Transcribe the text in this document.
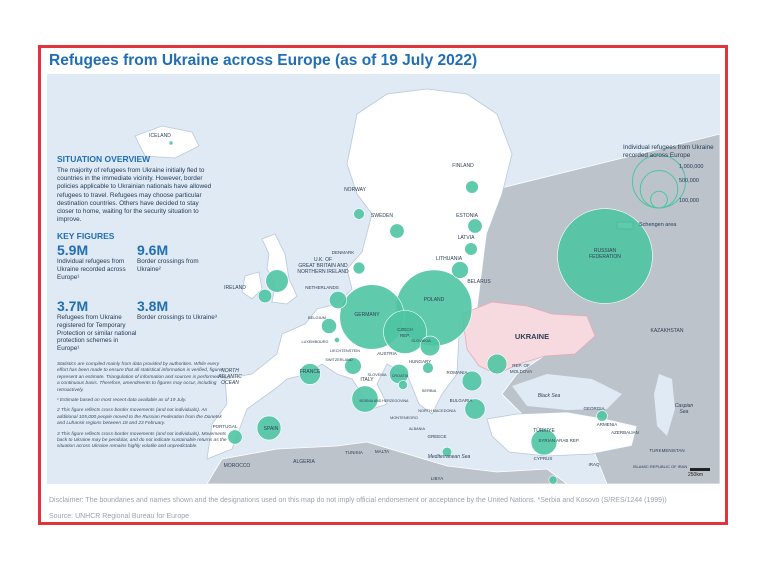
ICELAND
NORWAY
SWEDEN
FINLAND
ESTONIA
LATVIA
LITHUANIA
BELARUS
DENMARK
NETHERLANDS
BELGIUM
LUXEMBOURG
LIECHTENSTEIN
SWITZERLAND
AUSTRIA
SLOVENIA CROATIA
SERBIA
BOSNIA AND HERZEGOVINA
MONTENEGRO
ALBANIA
NORTH MACEDONIA
GREECE
MALTA
HUNGARY
ROMANIA
BULGARIA
SLOVAKIA
ARMENIA
AZERBAIJAN
GEORGIA
KAZAKHSTAN
TURKMENISTAN
SYRIAN ARAB REP.
IRAQ	ISLAMIC REPUBLIC OF IRAN
MOROCCO
ALGERIA
TUNISIA
LIBYA
CYPRUS
POLAND
GERMANY
RUSSIAN
FEDERATION
CZECH
REP.
U.K. OF
GREAT BRITAIN AND
NORTHERN IRELAND
ITALY
SPAIN	TÜRKIYE
FRANCE
REP. OF
MOLDOVA
IRELAND
PORTUGAL
UKRAINE
NORTH
ATLANTIC
OCEAN
Black Sea
Caspian
Sea
Mediterranean Sea
SITUATION OVERVIEW
The majority of refugees from Ukraine initially fled to countries in the immediate vicinity. However, border policies applicable to Ukrainian nationals have allowed refugees to travel. Refugees may choose particular destination countries. Others have decided to stay closer to home, waiting for the security situation to improve.
KEY FIGURES
5.9M
Individual refugees from Ukraine recorded across Europe¹
9.6M
Border crossings from Ukraine²
3.7M
Refugees from Ukraine registered for Temporary Protection or similar national protection schemes in Europe¹
3.8M
Border crossings to Ukraine³

Statistics are compiled mainly from data provided by authorities. While every effort has been made to ensure that all statistical information is verified, figures represent an estimate. Triangulation of information and sources is performed on a continuous basis. Therefore, amendments to figures may occur, including retroactively.

¹ Estimate based on most recent data available as of 19 July.

2 This figure reflects cross-border movements (and not individuals). An additional 105,000 people moved to the Russian Federation from the Donetsk and Luhansk regions between 18 and 23 February.

3 This figure reflects cross-border movements (and not individuals). Movements back to Ukraine may be pendular, and do not indicate sustainable returns as the situation across Ukraine remains highly volatile and unpredictable.

Individual refugees from Ukraine recorded across Europe
1,000,000
500,000
100,000
Schengen area
250km
Refugees from Ukraine across Europe (as of 19 July 2022)
Disclaimer: The boundaries and names shown and the designations used on this map do not imply official endorsement or acceptance by the United Nations. *Serbia and Kosovo (S/RES/1244 (1999))
Source: UNHCR Regional Bureau for Europe
